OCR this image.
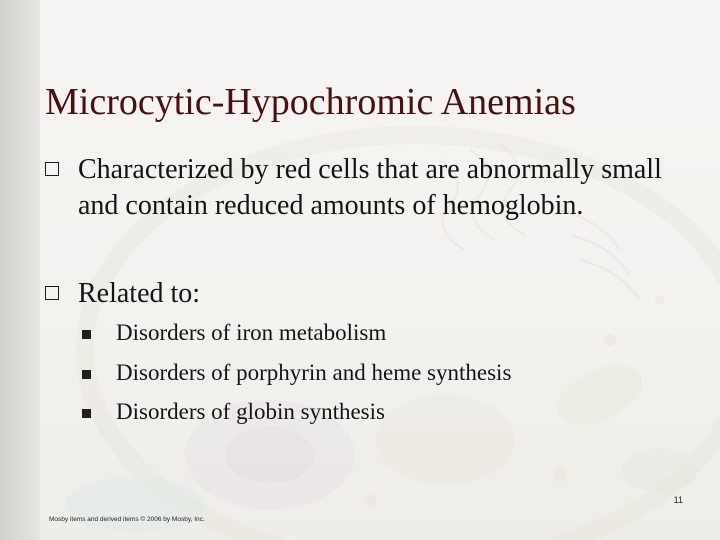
Microcytic-Hypochromic Anemias
Characterized by red cells that are abnormally small and contain reduced amounts of hemoglobin.
Related to:
Disorders of iron metabolism
Disorders of porphyrin and heme synthesis
Disorders of globin synthesis
11
Mosby items and derived items © 2006 by Mosby, Inc.
